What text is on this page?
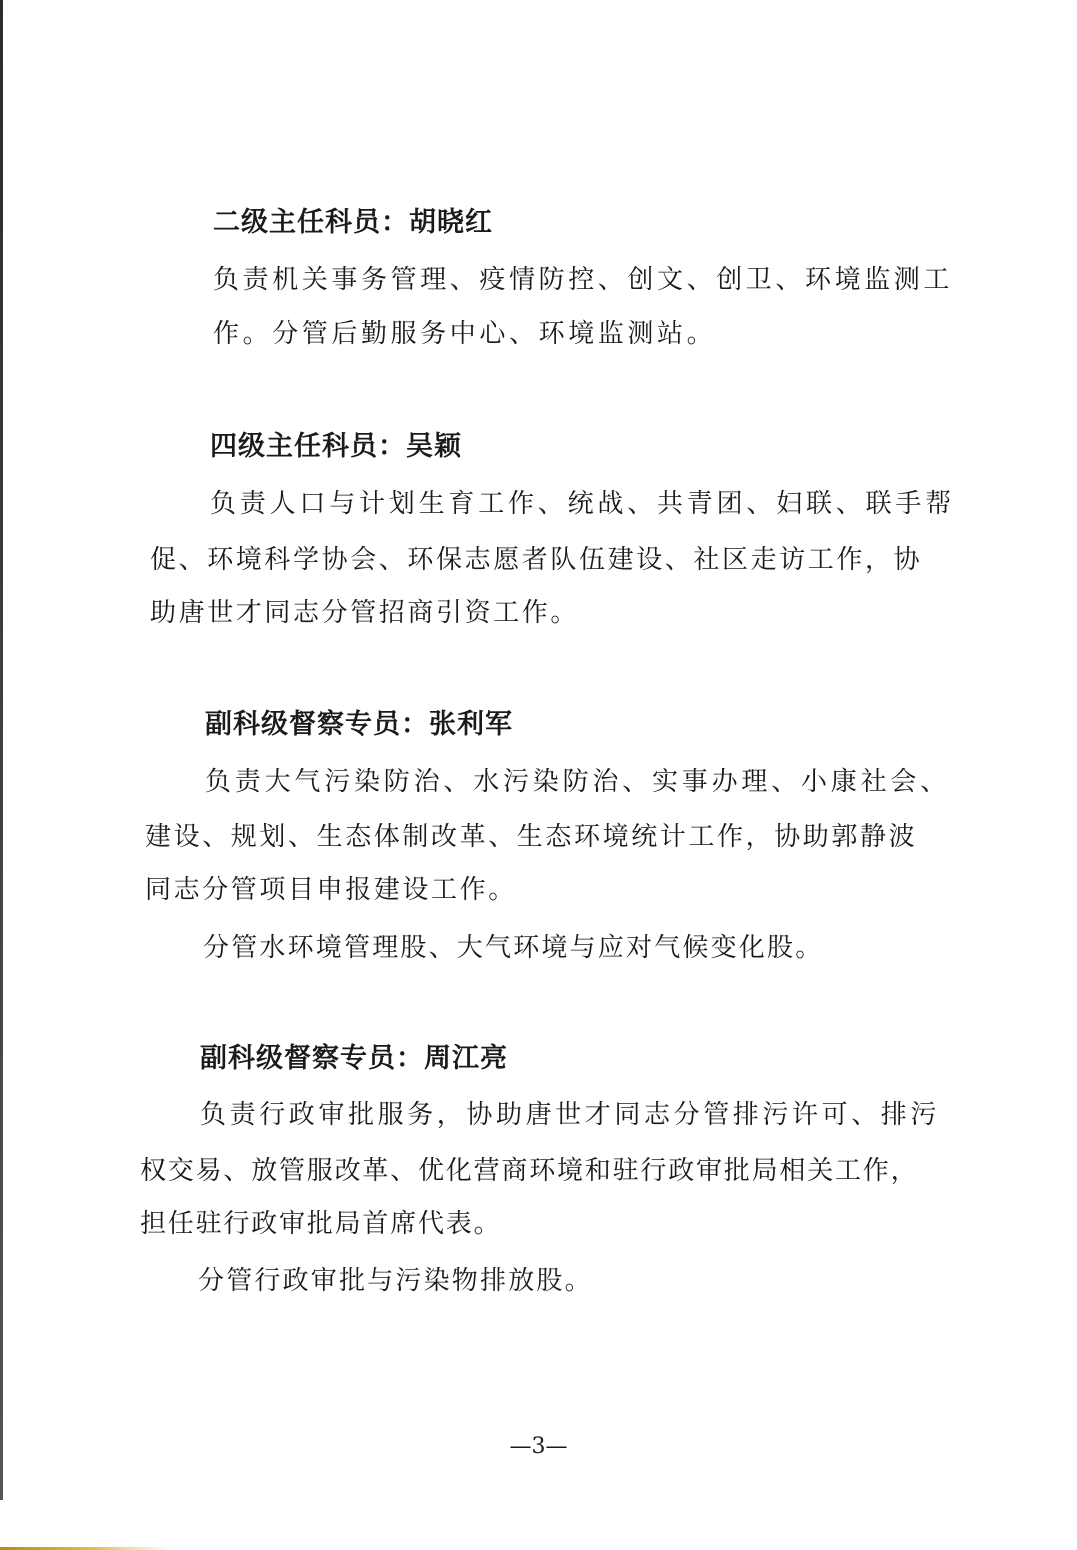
二级主任科员：胡晓红

负责机关事务管理、疫情防控、创文、创卫、环境监测工

作。分管后勤服务中心、环境监测站。

四级主任科员：吴颖

负责人口与计划生育工作、统战、共青团、妇联、联手帮

促、环境科学协会、环保志愿者队伍建设、社区走访工作，协

助唐世才同志分管招商引资工作。

副科级督察专员：张利军

负责大气污染防治、水污染防治、实事办理、小康社会、

建设、规划、生态体制改革、生态环境统计工作，协助郭静波

同志分管项目申报建设工作。

分管水环境管理股、大气环境与应对气候变化股。

副科级督察专员：周江亮

负责行政审批服务，协助唐世才同志分管排污许可、排污

权交易、放管服改革、优化营商环境和驻行政审批局相关工作，

担任驻行政审批局首席代表。

分管行政审批与污染物排放股。

—3—
